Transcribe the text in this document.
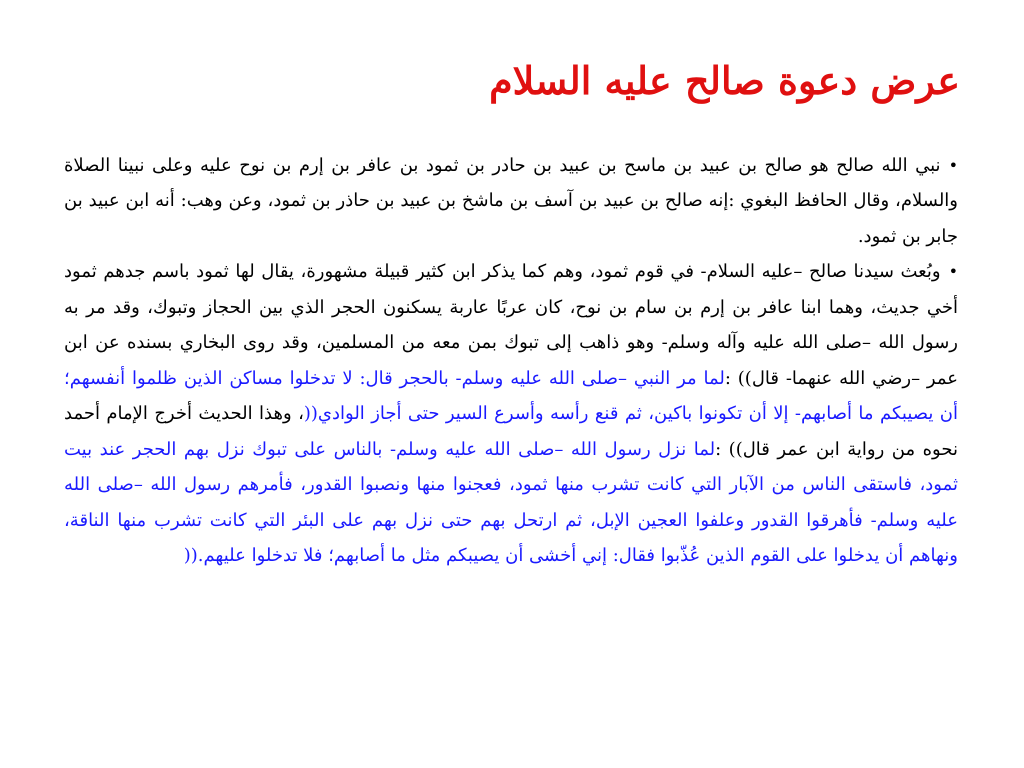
عرض دعوة صالح عليه السلام
•نبي الله صالح هو صالح بن عبيد بن ماسح بن عبيد بن حادر بن ثمود بن عافر بن إرم بن نوح عليه وعلى نبينا الصلاة والسلام، وقال الحافظ البغوي :إنه صالح بن عبيد بن آسف بن ماشخ بن عبيد بن حاذر بن ثمود، وعن وهب: أنه ابن عبيد بن جابر بن ثمود.
•وبُعث سيدنا صالح –عليه السلام- في قوم ثمود، وهم كما يذكر ابن كثير قبيلة مشهورة، يقال لها ثمود باسم جدهم ثمود أخي جديث، وهما ابنا عافر بن إرم بن سام بن نوح، كان عربًا عاربة يسكنون الحجر الذي بين الحجاز وتبوك، وقد مر به رسول الله –صلى الله عليه وآله وسلم- وهو ذاهب إلى تبوك بمن معه من المسلمين، وقد روى البخاري بسنده عن ابن عمر –رضي الله عنهما- قال)) :لما مر النبي –صلى الله عليه وسلم- بالحجر قال: لا تدخلوا مساكن الذين ظلموا أنفسهم؛ أن يصيبكم ما أصابهم- إلا أن تكونوا باكين، ثم قنع رأسه وأسرع السير حتى أجاز الوادي((، وهذا الحديث أخرج الإمام أحمد نحوه من رواية ابن عمر قال)) :لما نزل رسول الله –صلى الله عليه وسلم- بالناس على تبوك نزل بهم الحجر عند بيت ثمود، فاستقى الناس من الآبار التي كانت تشرب منها ثمود، فعجنوا منها ونصبوا القدور، فأمرهم رسول الله –صلى الله عليه وسلم- فأهرقوا القدور وعلفوا العجين الإبل، ثم ارتحل بهم حتى نزل بهم على البئر التي كانت تشرب منها الناقة، ونهاهم أن يدخلوا على القوم الذين عُذّبوا فقال: إني أخشى أن يصيبكم مثل ما أصابهم؛ فلا تدخلوا عليهم.((
